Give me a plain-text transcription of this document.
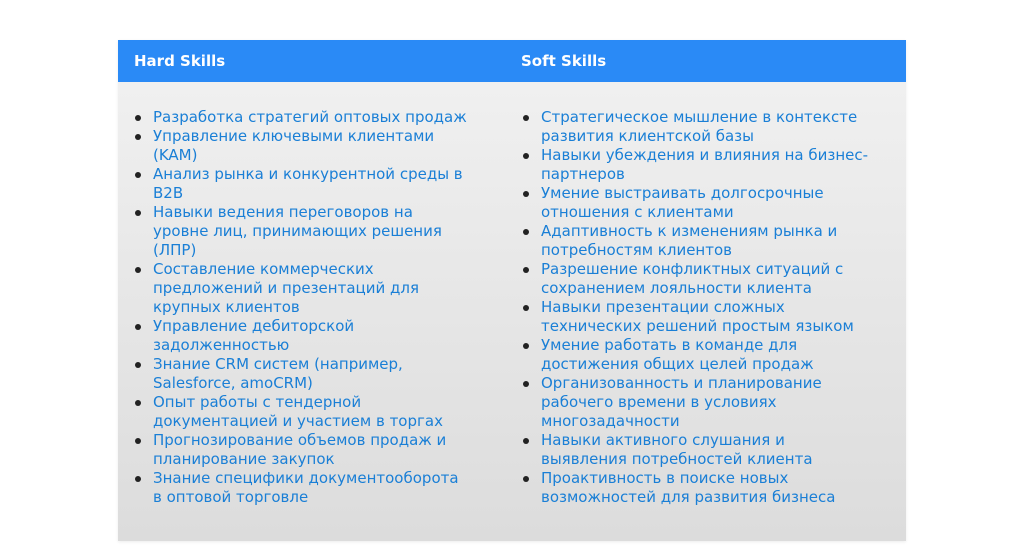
Hard Skills	Soft Skills
Разработка стратегий оптовых продаж
Управление ключевыми клиентами
(KAM)
Анализ рынка и конкурентной среды в
B2B
Навыки ведения переговоров на
уровне лиц, принимающих решения
(ЛПР)
Составление коммерческих
предложений и презентаций для
крупных клиентов
Управление дебиторской
задолженностью
Знание CRM систем (например,
Salesforce, amoCRM)
Опыт работы с тендерной
документацией и участием в торгах
Прогнозирование объемов продаж и
планирование закупок
Знание специфики документооборота
в оптовой торговле
Стратегическое мышление в контексте
развития клиентской базы
Навыки убеждения и влияния на бизнес-
партнеров
Умение выстраивать долгосрочные
отношения с клиентами
Адаптивность к изменениям рынка и
потребностям клиентов
Разрешение конфликтных ситуаций с
сохранением лояльности клиента
Навыки презентации сложных
технических решений простым языком
Умение работать в команде для
достижения общих целей продаж
Организованность и планирование
рабочего времени в условиях
многозадачности
Навыки активного слушания и
выявления потребностей клиента
Проактивность в поиске новых
возможностей для развития бизнеса
